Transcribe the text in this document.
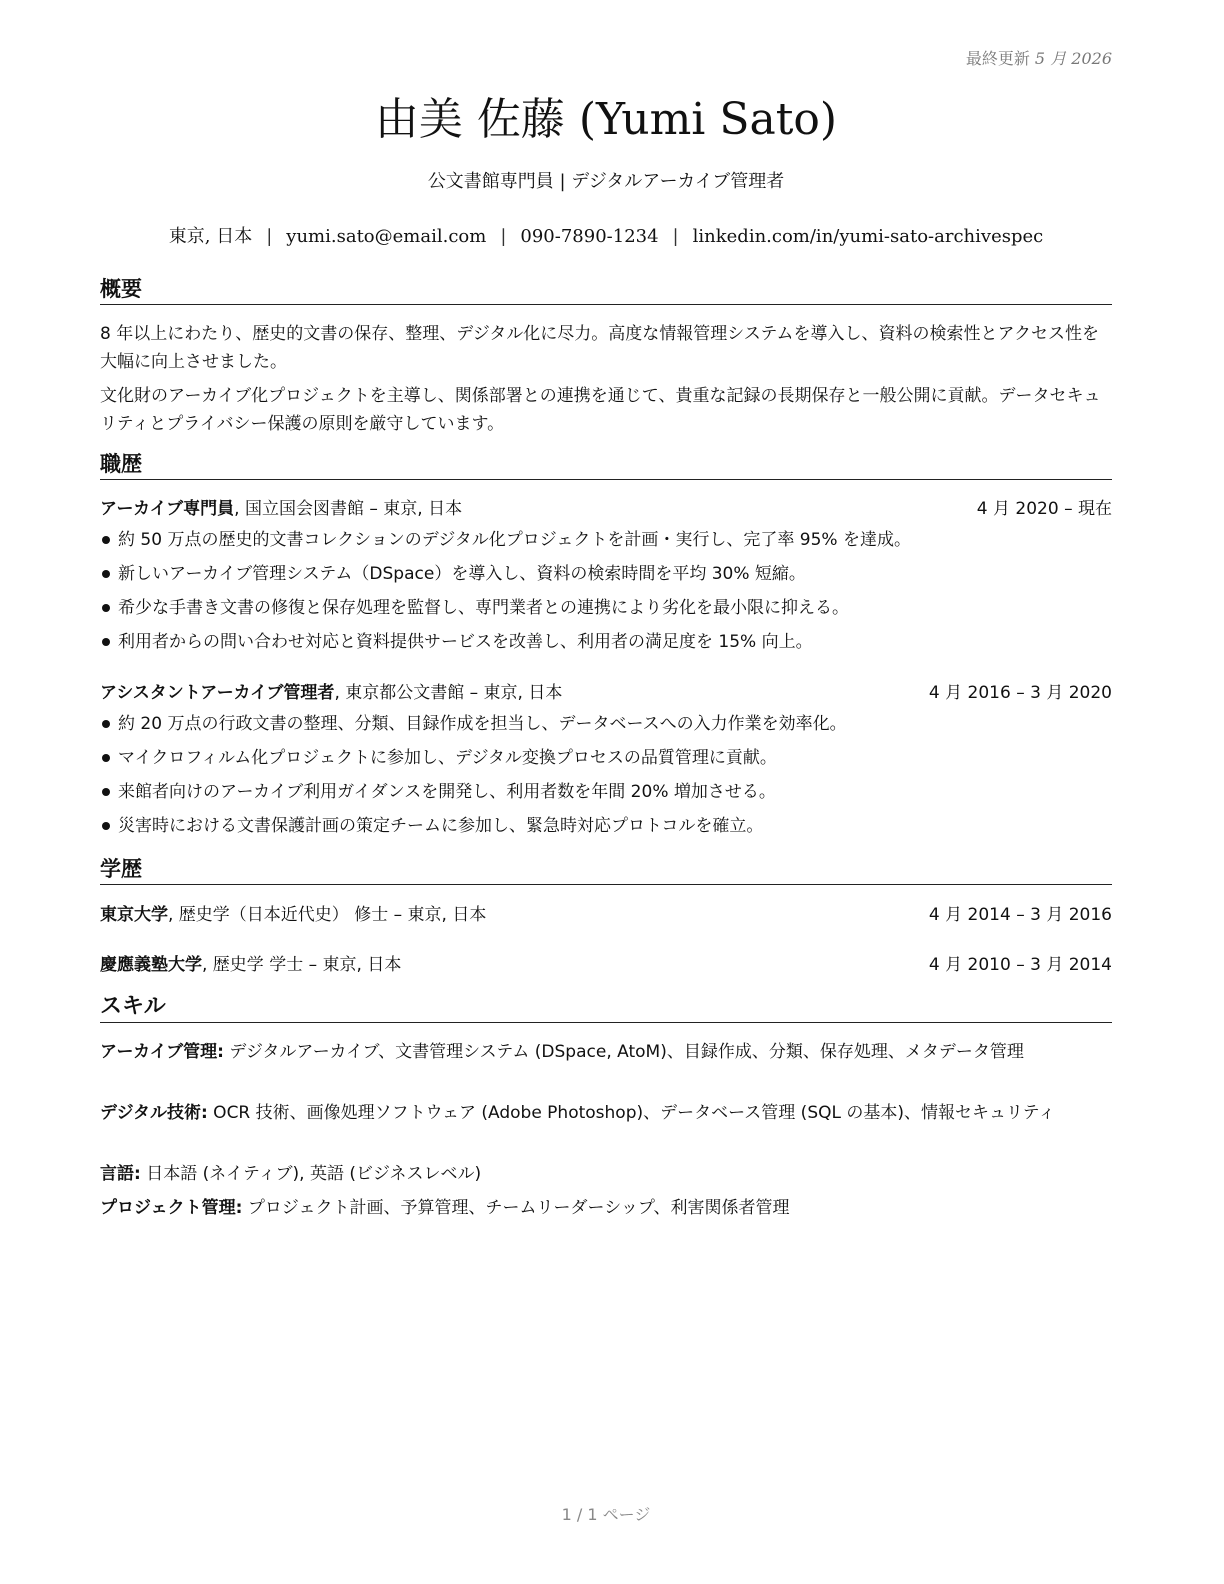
最終更新 5 月 2026
由美 佐藤 (Yumi Sato)
公文書館専門員 | デジタルアーカイブ管理者
東京, 日本 | yumi.sato@email.com | 090-7890-1234 | linkedin.com/in/yumi-sato-archivespec
概要
8 年以上にわたり、歴史的文書の保存、整理、デジタル化に尽力。高度な情報管理システムを導入し、資料の検索性とアクセス性を大幅に向上させました。
文化財のアーカイブ化プロジェクトを主導し、関係部署との連携を通じて、貴重な記録の長期保存と一般公開に貢献。データセキュリティとプライバシー保護の原則を厳守しています。
職歴
アーカイブ専門員, 国立国会図書館 – 東京, 日本	4 月 2020 – 現在
約 50 万点の歴史的文書コレクションのデジタル化プロジェクトを計画・実行し、完了率 95% を達成。
新しいアーカイブ管理システム（DSpace）を導入し、資料の検索時間を平均 30% 短縮。
希少な手書き文書の修復と保存処理を監督し、専門業者との連携により劣化を最小限に抑える。
利用者からの問い合わせ対応と資料提供サービスを改善し、利用者の満足度を 15% 向上。
アシスタントアーカイブ管理者, 東京都公文書館 – 東京, 日本	4 月 2016 – 3 月 2020
約 20 万点の行政文書の整理、分類、目録作成を担当し、データベースへの入力作業を効率化。
マイクロフィルム化プロジェクトに参加し、デジタル変換プロセスの品質管理に貢献。
来館者向けのアーカイブ利用ガイダンスを開発し、利用者数を年間 20% 増加させる。
災害時における文書保護計画の策定チームに参加し、緊急時対応プロトコルを確立。
学歴
東京大学, 歴史学（日本近代史） 修士 – 東京, 日本	4 月 2014 – 3 月 2016
慶應義塾大学, 歴史学 学士 – 東京, 日本	4 月 2010 – 3 月 2014
スキル
アーカイブ管理: デジタルアーカイブ、文書管理システム (DSpace, AtoM)、目録作成、分類、保存処理、メタデータ管理
デジタル技術: OCR 技術、画像処理ソフトウェア (Adobe Photoshop)、データベース管理 (SQL の基本)、情報セキュリティ
言語: 日本語 (ネイティブ), 英語 (ビジネスレベル)
プロジェクト管理: プロジェクト計画、予算管理、チームリーダーシップ、利害関係者管理
1 / 1 ページ
